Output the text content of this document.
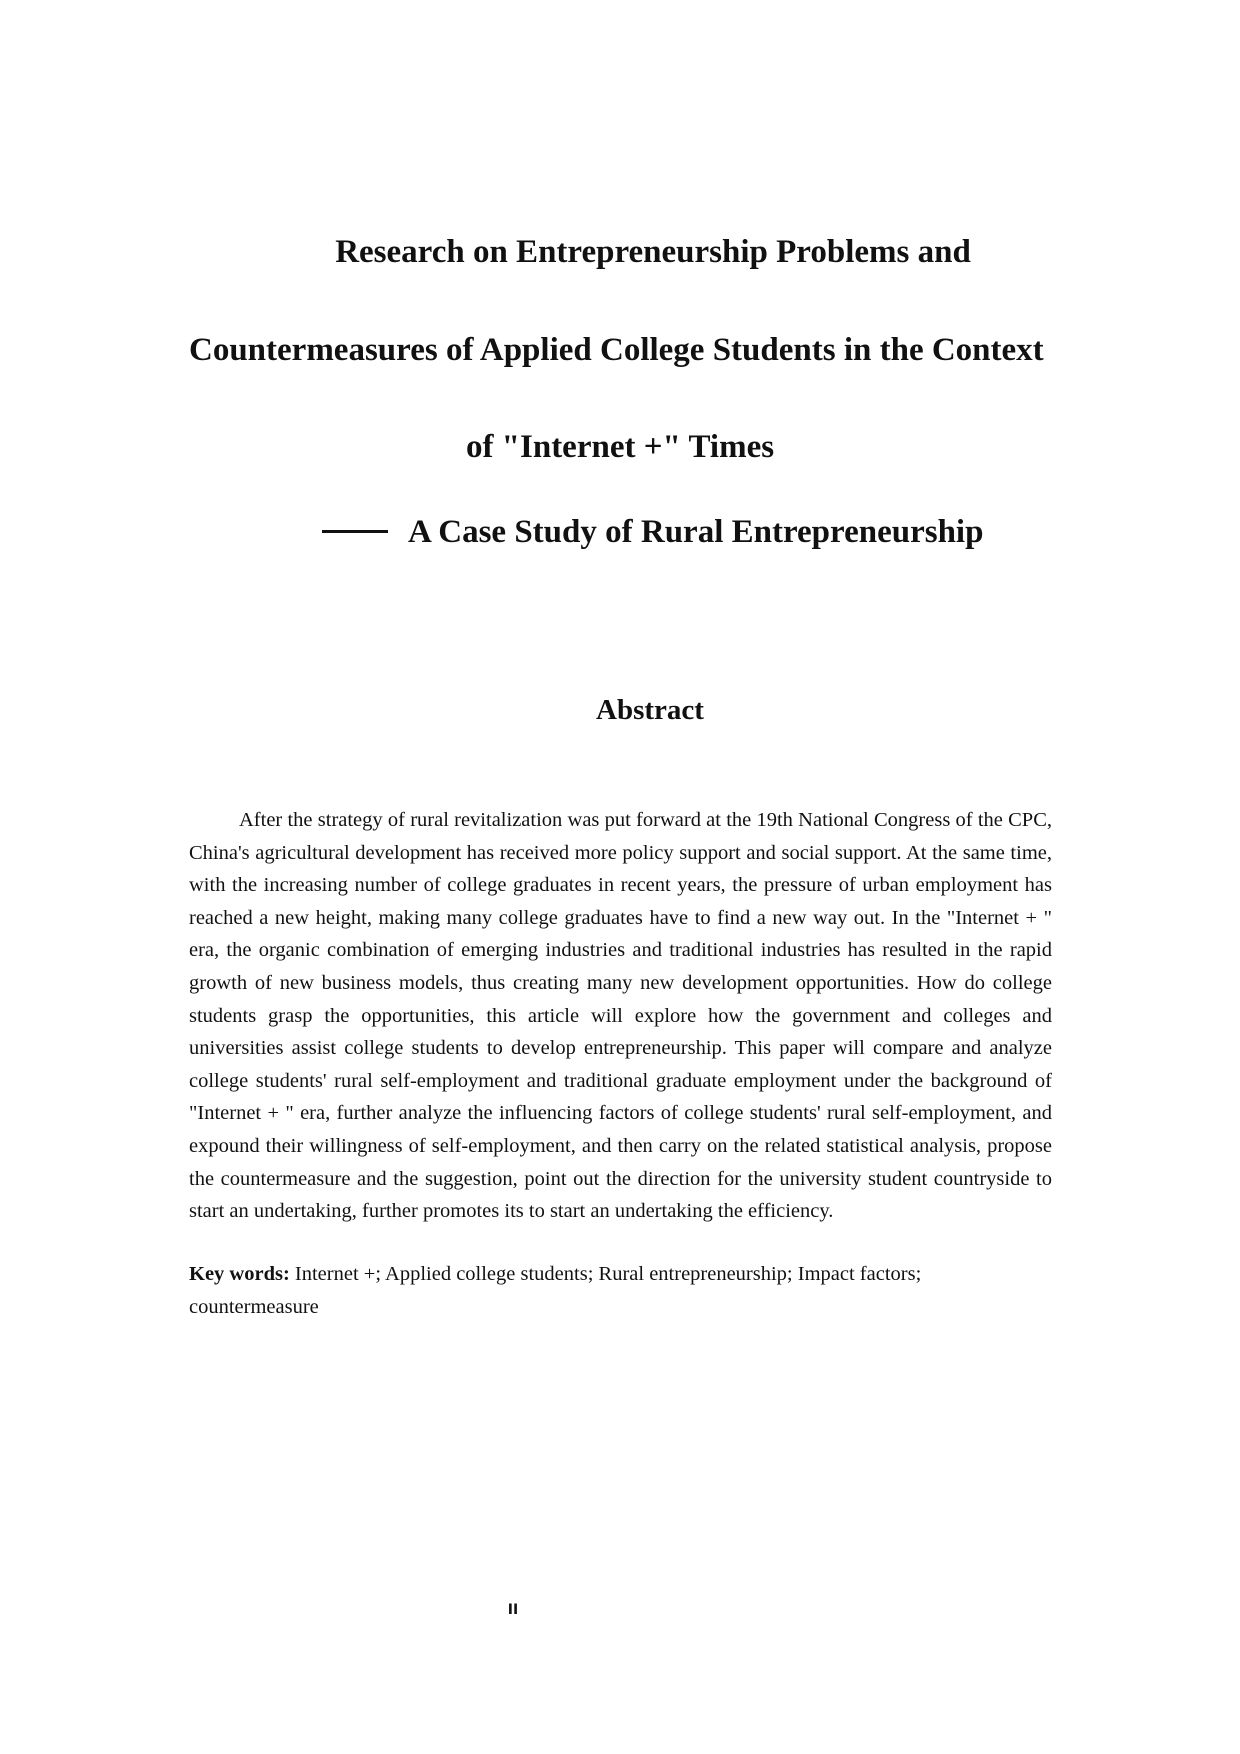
Research on Entrepreneurship Problems and
Countermeasures of Applied College Students in the Context
of "Internet +" Times
A Case Study of Rural Entrepreneurship
Abstract

After the strategy of rural revitalization was put forward at the 19th National Congress of the CPC, China's agricultural development has received more policy support and social support. At the same time, with the increasing number of college graduates in recent years, the pressure of urban employment has reached a new height, making many college graduates have to find a new way out. In the "Internet + " era, the organic combination of emerging industries and traditional industries has resulted in the rapid growth of new business models, thus creating many new development opportunities. How do college students grasp the opportunities, this article will explore how the government and colleges and universities assist college students to develop entrepreneurship. This paper will compare and analyze college students' rural self-employment and traditional graduate employment under the background of "Internet + " era, further analyze the influencing factors of college students' rural self-employment, and expound their willingness of self-employment, and then carry on the related statistical analysis, propose the countermeasure and the suggestion, point out the direction for the university student countryside to start an undertaking, further promotes its to start an undertaking the efficiency.

Key words: Internet +; Applied college students; Rural entrepreneurship; Impact factors; countermeasure

II
